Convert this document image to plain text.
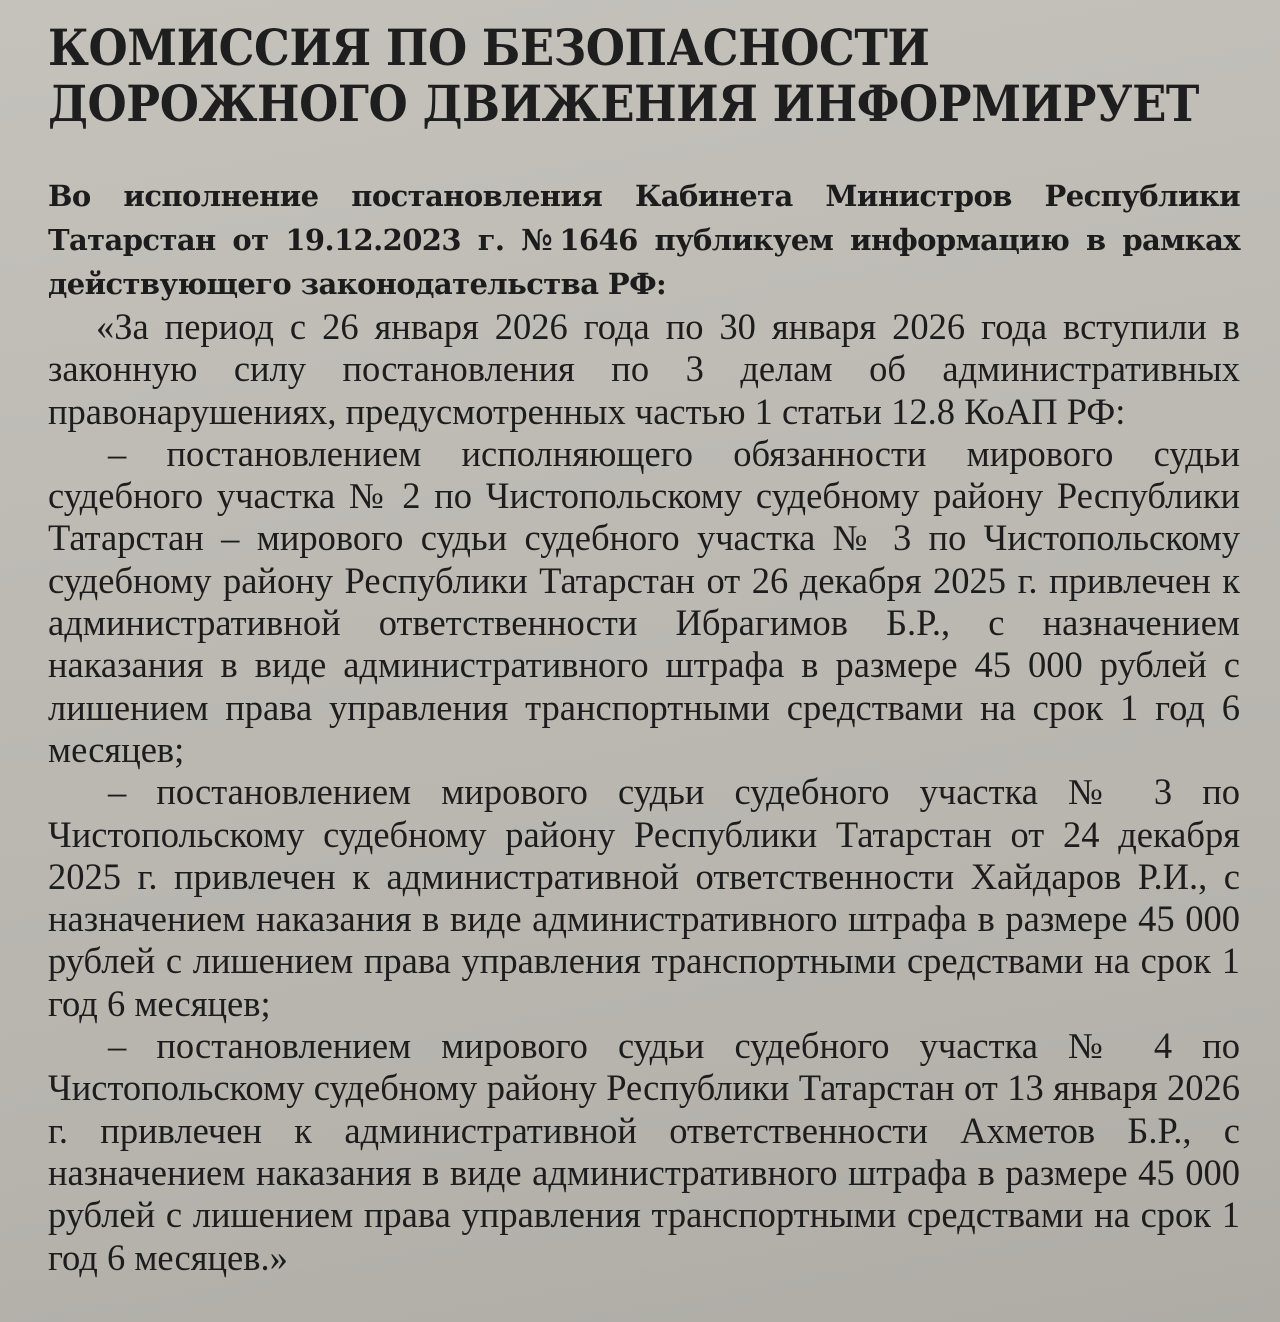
КОМИССИЯ ПО БЕЗОПАСНОСТИ
ДОРОЖНОГО ДВИЖЕНИЯ ИНФОРМИРУЕТ

Во исполнение постановления Кабинета Министров Республики Татарстан от 19.12.2023 г. №1646 публикуем информацию в рамках действующего законодательства РФ:

«За период с 26 января 2026 года по 30 января 2026 года вступили в законную силу постановления по 3 делам об административных правонарушениях, предусмотренных частью 1 статьи 12.8 КоАП РФ:

– постановлением исполняющего обязанности мирового судьи судебного участка № 2 по Чистопольскому судебному району Республики Татарстан – мирового судьи судебного участка № 3 по Чистопольскому судебному району Республики Татарстан от 26 декабря 2025 г. привлечен к административной ответственности Ибрагимов Б.Р., с назначением наказания в виде административного штрафа в размере 45 000 рублей с лишением права управления транспортными средствами на срок 1 год 6 месяцев;
– постановлением мирового судьи судебного участка № 3 по Чистопольскому судебному району Республики Татарстан от 24 декабря 2025 г. привлечен к административной ответственности Хайдаров Р.И., с назначением наказания в виде административного штрафа в размере 45 000 рублей с лишением права управления транспортными средствами на срок 1 год 6 месяцев;
– постановлением мирового судьи судебного участка № 4 по Чистопольскому судебному району Республики Татарстан от 13 января 2026 г. привлечен к административной ответственности Ахметов Б.Р., с назначением наказания в виде административного штрафа в размере 45 000 рублей с лишением права управления транспортными средствами на срок 1 год 6 месяцев.»
